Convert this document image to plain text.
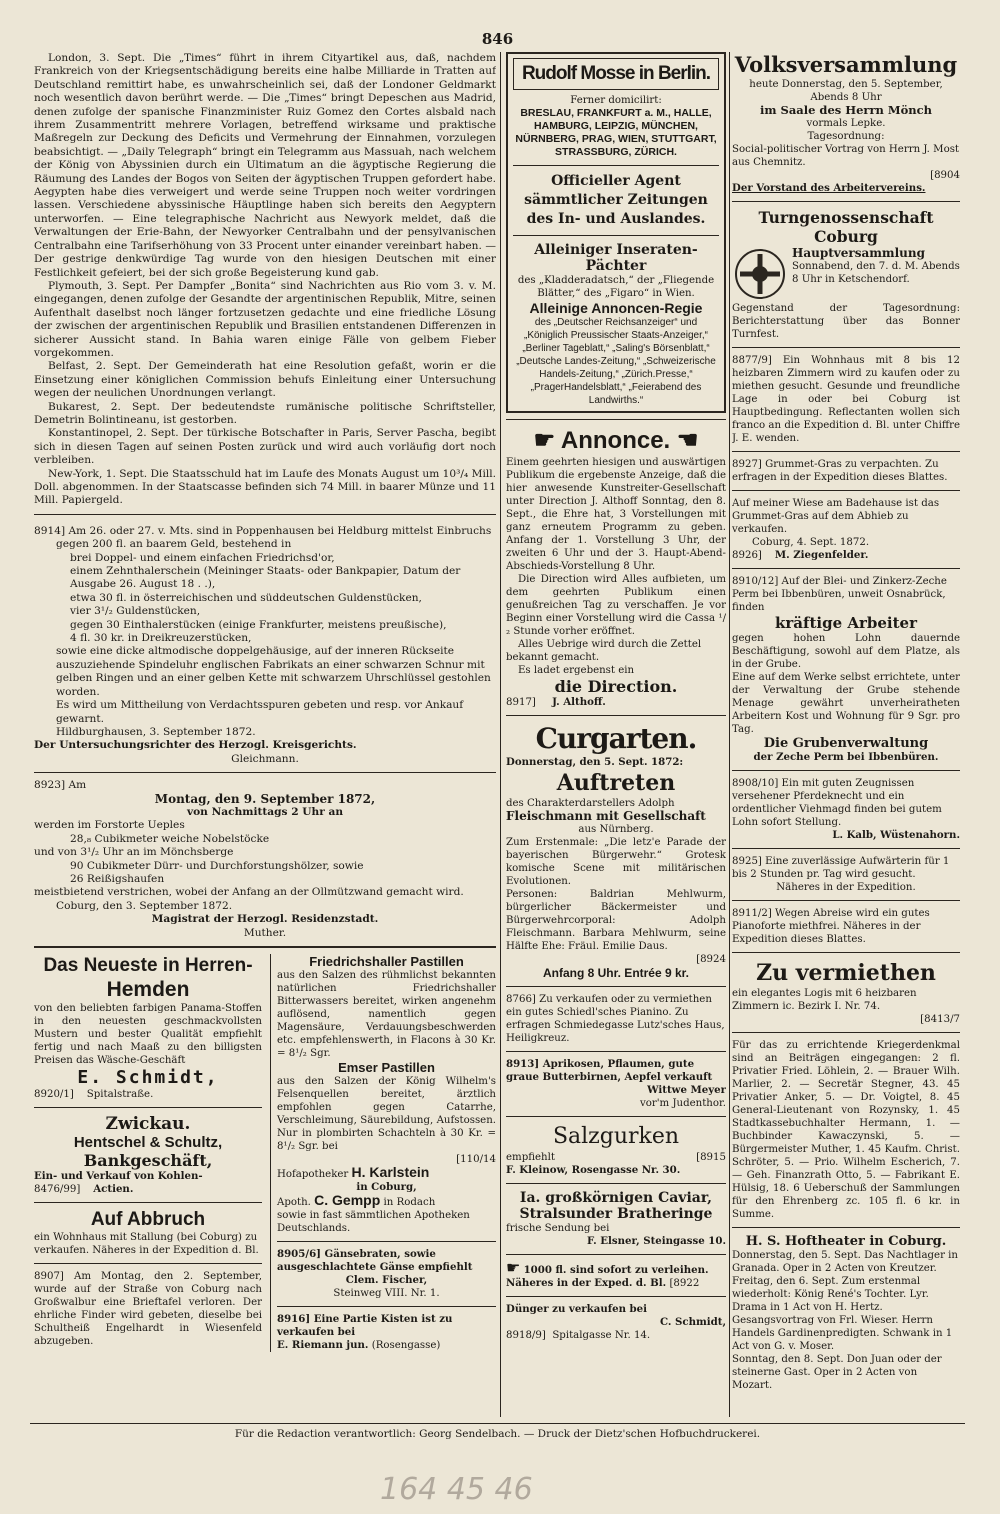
846

London, 3. Sept. Die „Times“ führt in ihrem Cityartikel aus, daß, nachdem Frankreich von der Kriegsentschädigung bereits eine halbe Milliarde in Tratten auf Deutschland remittirt habe, es unwahrscheinlich sei, daß der Londoner Geldmarkt noch wesentlich davon berührt werde. — Die „Times“ bringt Depeschen aus Madrid, denen zufolge der spanische Finanzminister Ruiz Gomez den Cortes alsbald nach ihrem Zusammentritt mehrere Vorlagen, betreffend wirksame und praktische Maßregeln zur Deckung des Deficits und Vermehrung der Einnahmen, vorzulegen beabsichtigt. — „Daily Telegraph“ bringt ein Telegramm aus Massuah, nach welchem der König von Abyssinien durch ein Ultimatum an die ägyptische Regierung die Räumung des Landes der Bogos von Seiten der ägyptischen Truppen gefordert habe. Aegypten habe dies verweigert und werde seine Truppen noch weiter vordringen lassen. Verschiedene abyssinische Häuptlinge haben sich bereits den Aegyptern unterworfen. — Eine telegraphische Nachricht aus Newyork meldet, daß die Verwaltungen der Erie-Bahn, der Newyorker Centralbahn und der pensylvanischen Centralbahn eine Tarifserhöhung von 33 Procent unter einander vereinbart haben. — Der gestrige denkwürdige Tag wurde von den hiesigen Deutschen mit einer Festlichkeit gefeiert, bei der sich große Begeisterung kund gab.

Plymouth, 3. Sept. Per Dampfer „Bonita“ sind Nachrichten aus Rio vom 3. v. M. eingegangen, denen zufolge der Gesandte der argentinischen Republik, Mitre, seinen Aufenthalt daselbst noch länger fortzusetzen gedachte und eine friedliche Lösung der zwischen der argentinischen Republik und Brasilien entstandenen Differenzen in sicherer Aussicht stand. In Bahia waren einige Fälle von gelbem Fieber vorgekommen.

Belfast, 2. Sept. Der Gemeinderath hat eine Resolution gefaßt, worin er die Einsetzung einer königlichen Commission behufs Einleitung einer Untersuchung wegen der neulichen Unordnungen verlangt.

Bukarest, 2. Sept. Der bedeutendste rumänische politische Schriftsteller, Demetrin Bolintineanu, ist gestorben.

Konstantinopel, 2. Sept. Der türkische Botschafter in Paris, Server Pascha, begibt sich in diesen Tagen auf seinen Posten zurück und wird auch vorläufig dort noch verbleiben.

New-York, 1. Sept. Die Staatsschuld hat im Laufe des Monats August um 10³/₄ Mill. Doll. abgenommen. In der Staatscasse befinden sich 74 Mill. in baarer Münze und 11 Mill. Papiergeld.

8914] Am 26. oder 27. v. Mts. sind in Poppenhausen bei Heldburg mittelst Einbruchs

gegen 200 fl. an baarem Geld, bestehend in

brei Doppel- und einem einfachen Friedrichsd'or,

einem Zehnthalerschein (Meininger Staats- oder Bankpapier, Datum der Ausgabe 26. August 18 . .),

etwa 30 fl. in österreichischen und süddeutschen Guldenstücken,

vier 3¹/₂ Guldenstücken,

gegen 30 Einthalerstücken (einige Frankfurter, meistens preußische),

4 fl. 30 kr. in Dreikreuzerstücken,

sowie eine dicke altmodische doppelgehäusige, auf der inneren Rückseite auszuziehende Spindeluhr englischen Fabrikats an einer schwarzen Schnur mit gelben Ringen und an einer gelben Kette mit schwarzem Uhrschlüssel gestohlen worden.

Es wird um Mittheilung von Verdachtsspuren gebeten und resp. vor Ankauf gewarnt.

Hildburghausen, 3. September 1872.

Der Untersuchungsrichter des Herzogl. Kreisgerichts.

Gleichmann.

8923] Am

Montag, den 9. September 1872,

von Nachmittags 2 Uhr an

werden im Forstorte Ueples

28,₈ Cubikmeter weiche Nobelstöcke

und von 3¹/₂ Uhr an im Mönchsberge

90 Cubikmeter Dürr- und Durchforstungshölzer, sowie

26 Reißigshaufen

meistbietend verstrichen, wobei der Anfang an der Ollmützwand gemacht wird.

Coburg, den 3. September 1872.

Magistrat der Herzogl. Residenzstadt.

Muther.

Das Neueste in Herren-

Hemden

von den beliebten farbigen Panama-Stoffen in den neuesten geschmackvollsten Mustern und bester Qualität empfiehlt fertig und nach Maaß zu den billigsten Preisen das Wäsche-Geschäft

E. Schmidt,

8920/1] Spitalstraße.

Zwickau.

Hentschel & Schultz,

Bankgeschäft,

Ein- und Verkauf von Kohlen-

8476/99] Actien.

Auf Abbruch

ein Wohnhaus mit Stallung (bei Coburg) zu verkaufen. Näheres in der Expedition d. Bl.

8907] Am Montag, den 2. September, wurde auf der Straße von Coburg nach Großwalbur eine Brieftafel verloren. Der ehrliche Finder wird gebeten, dieselbe bei Schultheiß Engelhardt in Wiesenfeld abzugeben.

Friedrichshaller Pastillen

aus den Salzen des rühmlichst bekannten natürlichen Friedrichshaller Bitterwassers bereitet, wirken angenehm auflösend, namentlich gegen Magensäure, Verdauungsbeschwerden etc. empfehlenswerth, in Flacons à 30 Kr. = 8¹/₂ Sgr.

Emser Pastillen

aus den Salzen der König Wilhelm's Felsenquellen bereitet, ärztlich empfohlen gegen Catarrhe, Verschleimung, Säurebildung, Aufstossen. Nur in plombirten Schachteln à 30 Kr. = 8¹/₂ Sgr. bei

[110/14

Hofapotheker H. Karlstein

in Coburg,

Apoth. C. Gempp in Rodach

sowie in fast sämmtlichen Apotheken Deutschlands.

8905/6] Gänsebraten, sowie ausgeschlachtete Gänse empfiehlt

Clem. Fischer,

Steinweg VIII. Nr. 1.

8916] Eine Partie Kisten ist zu verkaufen bei

E. Riemann jun. (Rosengasse)

Rudolf Mosse in Berlin.

Ferner domicilirt:

BRESLAU, FRANKFURT a. M., HALLE, HAMBURG, LEIPZIG, MÜNCHEN, NÜRNBERG, PRAG, WIEN, STUTTGART, STRASSBURG, ZÜRICH.

Officieller Agent sämmtlicher Zeitungen des In- und Auslandes.

Alleiniger Inseraten-Pächter

des „Kladderadatsch,“ der „Fliegende Blätter,“ des „Figaro“ in Wien.

Alleinige Annoncen-Regie

des „Deutscher Reichsanzeiger“ und „Königlich Preussischer Staats-Anzeiger,“ „Berliner Tageblatt,“ „Saling's Börsenblatt,“ „Deutsche Landes-Zeitung,“ „Schweizerische Handels-Zeitung,“ „Zürich.Presse,“ „PragerHandelsblatt,“ „Feierabend des Landwirths.“

☛ Annonce. ☚

Einem geehrten hiesigen und auswärtigen Publikum die ergebenste Anzeige, daß die hier anwesende Kunstreiter-Gesellschaft unter Direction J. Althoff Sonntag, den 8. Sept., die Ehre hat, 3 Vorstellungen mit ganz erneutem Programm zu geben. Anfang der 1. Vorstellung 3 Uhr, der zweiten 6 Uhr und der 3. Haupt-Abend-Abschieds-Vorstellung 8 Uhr.

Die Direction wird Alles aufbieten, um dem geehrten Publikum einen genußreichen Tag zu verschaffen. Je vor Beginn einer Vorstellung wird die Cassa ¹/₂ Stunde vorher eröffnet.

Alles Uebrige wird durch die Zettel bekannt gemacht.

Es ladet ergebenst ein

die Direction.

8917] J. Althoff.

Curgarten.

Donnerstag, den 5. Sept. 1872:

Auftreten

des Charakterdarstellers Adolph

Fleischmann mit Gesellschaft

aus Nürnberg.

Zum Erstenmale: „Die letz'e Parade der bayerischen Bürgerwehr.“ Grotesk komische Scene mit militärischen Evolutionen.

Personen: Baldrian Mehlwurm, bürgerlicher Bäckermeister und Bürgerwehrcorporal: Adolph Fleischmann. Barbara Mehlwurm, seine Hälfte Ehe: Fräul. Emilie Daus.

[8924

Anfang 8 Uhr. Entrée 9 kr.

8766] Zu verkaufen oder zu vermiethen ein gutes Schiedl'sches Pianino. Zu erfragen Schmiedegasse Lutz'sches Haus, Heiligkreuz.

8913] Aprikosen, Pflaumen, gute graue Butterbirnen, Aepfel verkauft

Wittwe Meyer

vor'm Judenthor.

Salzgurken

empfiehlt	[8915

F. Kleinow, Rosengasse Nr. 30.

Ia. großkörnigen Caviar,

Stralsunder Bratheringe

frische Sendung bei

F. Elsner, Steingasse 10.

☛ 1000 fl. sind sofort zu verleihen. Näheres in der Exped. d. Bl. [8922

Dünger zu verkaufen bei

C. Schmidt,

8918/9] Spitalgasse Nr. 14.

Volksversammlung

heute Donnerstag, den 5. September,

Abends 8 Uhr

im Saale des Herrn Mönch

vormals Lepke.

Tagesordnung:

Social-politischer Vortrag von Herrn J. Most aus Chemnitz.

[8904

Der Vorstand des Arbeitervereins.

Turngenossenschaft Coburg

Hauptversammlung

Sonnabend, den 7. d. M. Abends 8 Uhr in Ketschendorf.

Gegenstand der Tagesordnung: Berichterstattung über das Bonner Turnfest.

8877/9] Ein Wohnhaus mit 8 bis 12 heizbaren Zimmern wird zu kaufen oder zu miethen gesucht. Gesunde und freundliche Lage in oder bei Coburg ist Hauptbedingung. Reflectanten wollen sich franco an die Expedition d. Bl. unter Chiffre J. E. wenden.

8927] Grummet-Gras zu verpachten. Zu erfragen in der Expedition dieses Blattes.

Auf meiner Wiese am Badehause ist das Grummet-Gras auf dem Abhieb zu verkaufen.

Coburg, 4. Sept. 1872.

8926] M. Ziegenfelder.

8910/12] Auf der Blei- und Zinkerz-Zeche Perm bei Ibbenbüren, unweit Osnabrück, finden

kräftige Arbeiter

gegen hohen Lohn dauernde Beschäftigung, sowohl auf dem Platze, als in der Grube.

Eine auf dem Werke selbst errichtete, unter der Verwaltung der Grube stehende Menage gewährt unverheiratheten Arbeitern Kost und Wohnung für 9 Sgr. pro Tag.

Die Grubenverwaltung

der Zeche Perm bei Ibbenbüren.

8908/10] Ein mit guten Zeugnissen versehener Pferdeknecht und ein ordentlicher Viehmagd finden bei gutem Lohn sofort Stellung.

L. Kalb, Wüstenahorn.

8925] Eine zuverlässige Aufwärterin für 1 bis 2 Stunden pr. Tag wird gesucht.

Näheres in der Expedition.

8911/2] Wegen Abreise wird ein gutes Pianoforte miethfrei. Näheres in der Expedition dieses Blattes.

Zu vermiethen

ein elegantes Logis mit 6 heizbaren Zimmern ic. Bezirk I. Nr. 74.

[8413/7

Für das zu errichtende Kriegerdenkmal sind an Beiträgen eingegangen: 2 fl. Privatier Fried. Löhlein, 2. — Brauer Wilh. Marlier, 2. — Secretär Stegner, 43. 45 Privatier Anker, 5. — Dr. Voigtel, 8. 45 General-Lieutenant von Rozynsky, 1. 45 Stadtkassebuchhalter Hermann, 1. — Buchbinder Kawaczynski, 5. — Bürgermeister Muther, 1. 45 Kaufm. Christ. Schröter, 5. — Prio. Wilhelm Escherich, 7. — Geh. Finanzrath Otto, 5. — Fabrikant E. Hülsig, 18. 6 Ueberschuß der Sammlungen für den Ehrenberg zc. 105 fl. 6 kr. in Summe.

H. S. Hoftheater in Coburg.

Donnerstag, den 5. Sept. Das Nachtlager in Granada. Oper in 2 Acten von Kreutzer.

Freitag, den 6. Sept. Zum erstenmal wiederholt: König René's Tochter. Lyr. Drama in 1 Act von H. Hertz. Gesangsvortrag von Frl. Wieser. Herrn Handels Gardinenpredigten. Schwank in 1 Act von G. v. Moser.

Sonntag, den 8. Sept. Don Juan oder der steinerne Gast. Oper in 2 Acten von Mozart.

Für die Redaction verantwortlich: Georg Sendelbach. — Druck der Dietz'schen Hofbuchdruckerei.
164 45 46
